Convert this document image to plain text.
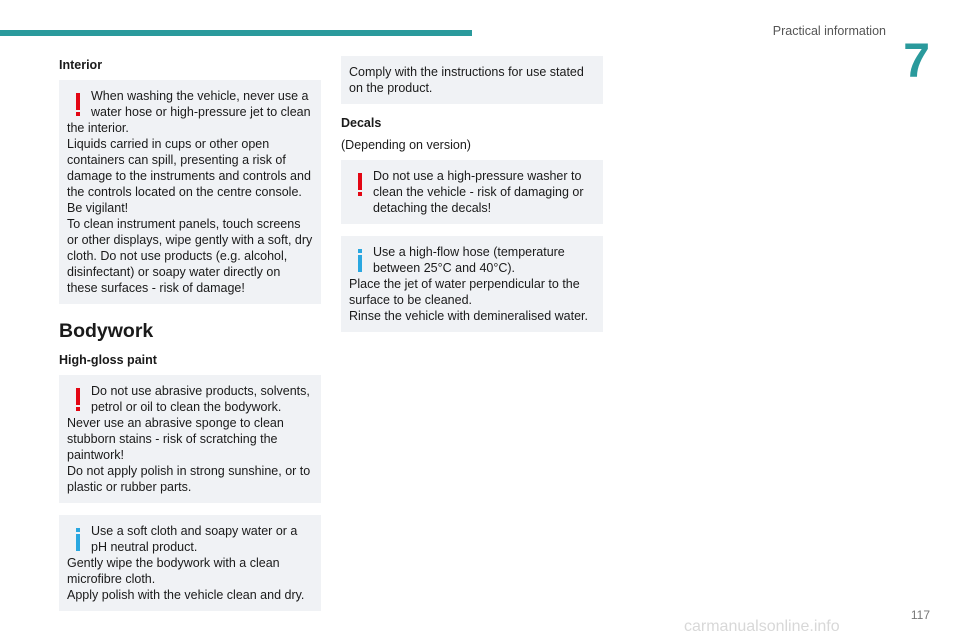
Practical information
7
Interior
When washing the vehicle, never use a water hose or high-pressure jet to clean
the interior.
Liquids carried in cups or other open containers can spill, presenting a risk of damage to the instruments and controls and the controls located on the centre console. Be vigilant!
To clean instrument panels, touch screens or other displays, wipe gently with a soft, dry cloth. Do not use products (e.g. alcohol, disinfectant) or soapy water directly on these surfaces - risk of damage!
Bodywork
High-gloss paint
Do not use abrasive products, solvents, petrol or oil to clean the bodywork.
Never use an abrasive sponge to clean stubborn stains - risk of scratching the paintwork!
Do not apply polish in strong sunshine, or to plastic or rubber parts.
Use a soft cloth and soapy water or a pH neutral product.
Gently wipe the bodywork with a clean microfibre cloth.
Apply polish with the vehicle clean and dry.
Comply with the instructions for use stated on the product.
Decals
(Depending on version)
Do not use a high-pressure washer to clean the vehicle - risk of damaging or detaching the decals!
Use a high-flow hose (temperature between 25°C and 40°C).
Place the jet of water perpendicular to the surface to be cleaned.
Rinse the vehicle with demineralised water.
117
carmanualsonline.info
